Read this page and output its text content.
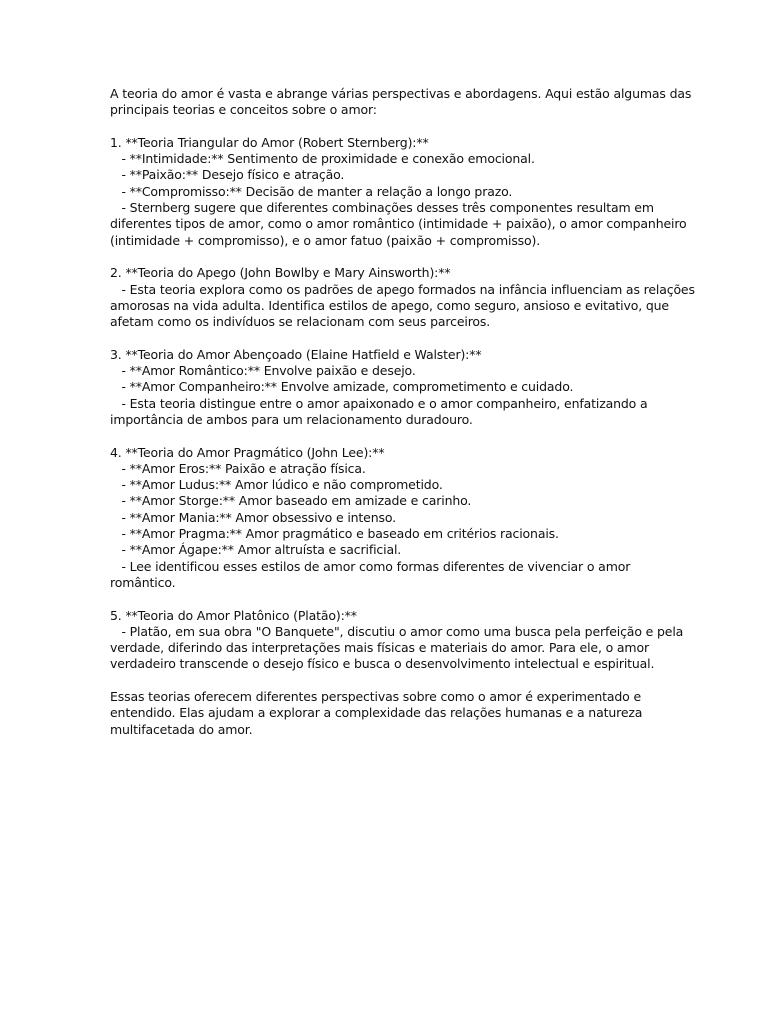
A teoria do amor é vasta e abrange várias perspectivas e abordagens. Aqui estão algumas das
principais teorias e conceitos sobre o amor:
1. **Teoria Triangular do Amor (Robert Sternberg):**
- **Intimidade:** Sentimento de proximidade e conexão emocional.
- **Paixão:** Desejo físico e atração.
- **Compromisso:** Decisão de manter a relação a longo prazo.
- Sternberg sugere que diferentes combinações desses três componentes resultam em
diferentes tipos de amor, como o amor romântico (intimidade + paixão), o amor companheiro
(intimidade + compromisso), e o amor fatuo (paixão + compromisso).
2. **Teoria do Apego (John Bowlby e Mary Ainsworth):**
- Esta teoria explora como os padrões de apego formados na infância influenciam as relações
amorosas na vida adulta. Identifica estilos de apego, como seguro, ansioso e evitativo, que
afetam como os indivíduos se relacionam com seus parceiros.
3. **Teoria do Amor Abençoado (Elaine Hatfield e Walster):**
- **Amor Romântico:** Envolve paixão e desejo.
- **Amor Companheiro:** Envolve amizade, comprometimento e cuidado.
- Esta teoria distingue entre o amor apaixonado e o amor companheiro, enfatizando a
importância de ambos para um relacionamento duradouro.
4. **Teoria do Amor Pragmático (John Lee):**
- **Amor Eros:** Paixão e atração física.
- **Amor Ludus:** Amor lúdico e não comprometido.
- **Amor Storge:** Amor baseado em amizade e carinho.
- **Amor Mania:** Amor obsessivo e intenso.
- **Amor Pragma:** Amor pragmático e baseado em critérios racionais.
- **Amor Ágape:** Amor altruísta e sacrificial.
- Lee identificou esses estilos de amor como formas diferentes de vivenciar o amor
romântico.
5. **Teoria do Amor Platônico (Platão):**
- Platão, em sua obra "O Banquete", discutiu o amor como uma busca pela perfeição e pela
verdade, diferindo das interpretações mais físicas e materiais do amor. Para ele, o amor
verdadeiro transcende o desejo físico e busca o desenvolvimento intelectual e espiritual.
Essas teorias oferecem diferentes perspectivas sobre como o amor é experimentado e
entendido. Elas ajudam a explorar a complexidade das relações humanas e a natureza
multifacetada do amor.
